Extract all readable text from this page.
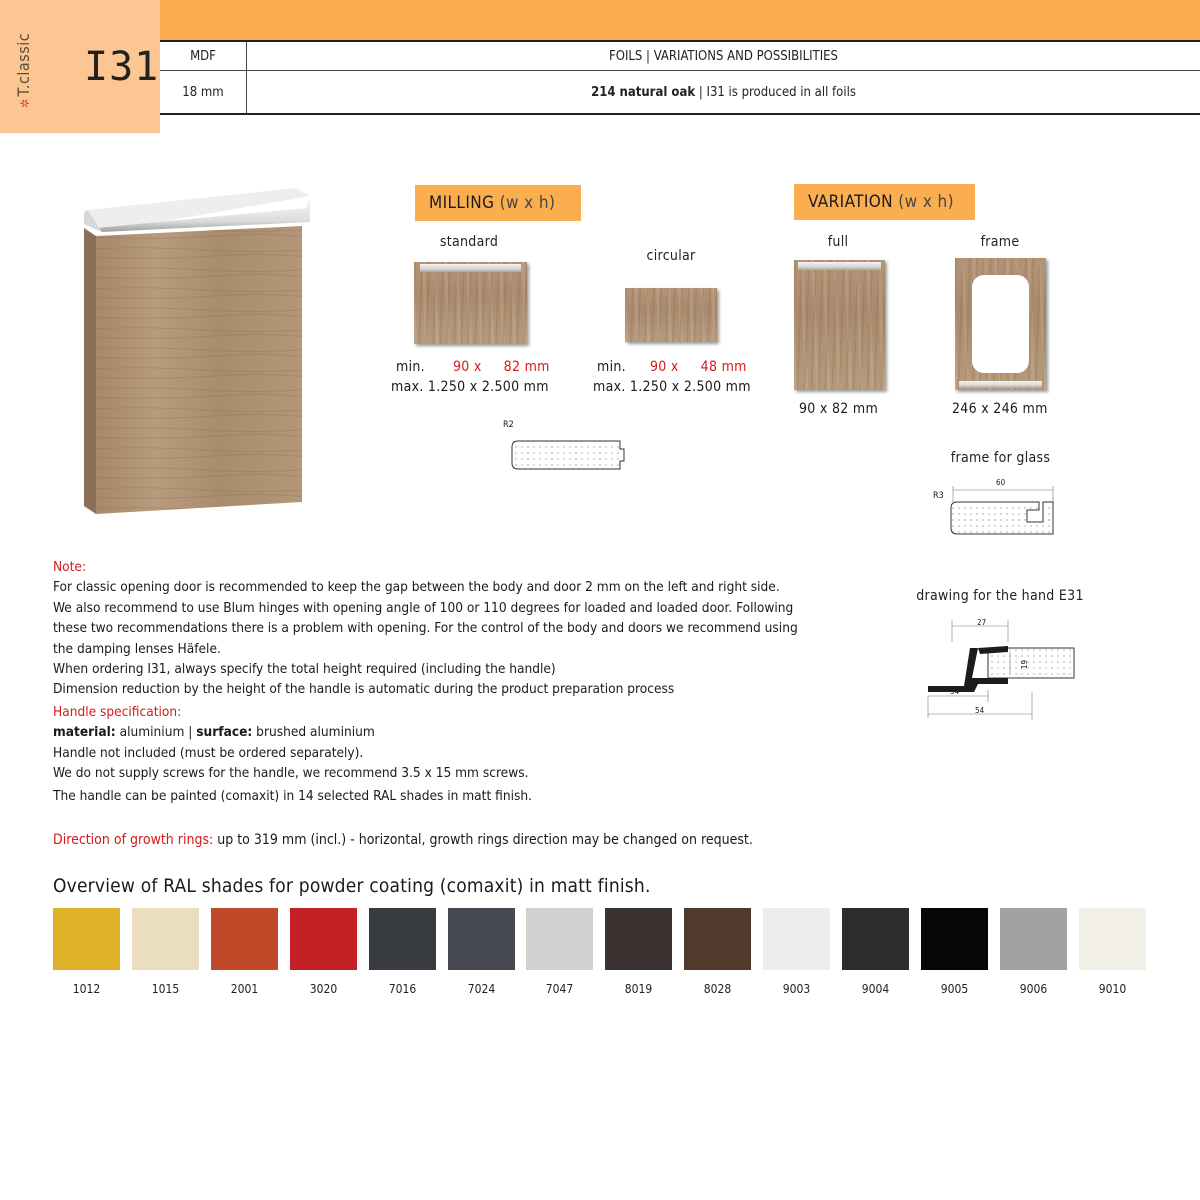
✲T.classic I31 MDF	FOILS | VARIATIONS AND POSSIBILITIES
18 mm	214 natural oak | I31 is produced in all foils
MILLING (w x h)
standard
circular
min. 90 x 82 mm
max. 1.250 x 2.500 mm
min. 90 x 48 mm
max. 1.250 x 2.500 mm
R2
VARIATION (w x h)
full	frame
90 x 82 mm	246 x 246 mm
frame for glass
R3
60
drawing for the hand E31
27
19
34
54

Note:

For classic opening door is recommended to keep the gap between the body and door 2 mm on the left and right side.

We also recommend to use Blum hinges with opening angle of 100 or 110 degrees for loaded and loaded door. Following these two recommendations there is a problem with opening. For the control of the body and doors we recommend using the damping lenses Häfele.

When ordering I31, always specify the total height required (including the handle)

Dimension reduction by the height of the handle is automatic during the product preparation process

Handle specification:

material: aluminium | surface: brushed aluminium

Handle not included (must be ordered separately).

We do not supply screws for the handle, we recommend 3.5 x 15 mm screws.

The handle can be painted (comaxit) in 14 selected RAL shades in matt finish.

Direction of growth rings: up to 319 mm (incl.) - horizontal, growth rings direction may be changed on request.
Overview of RAL shades for powder coating (comaxit) in matt finish.
1012	1015	2001	3020	7016	7024	7047	8019	8028	9003	9004	9005	9006	9010
